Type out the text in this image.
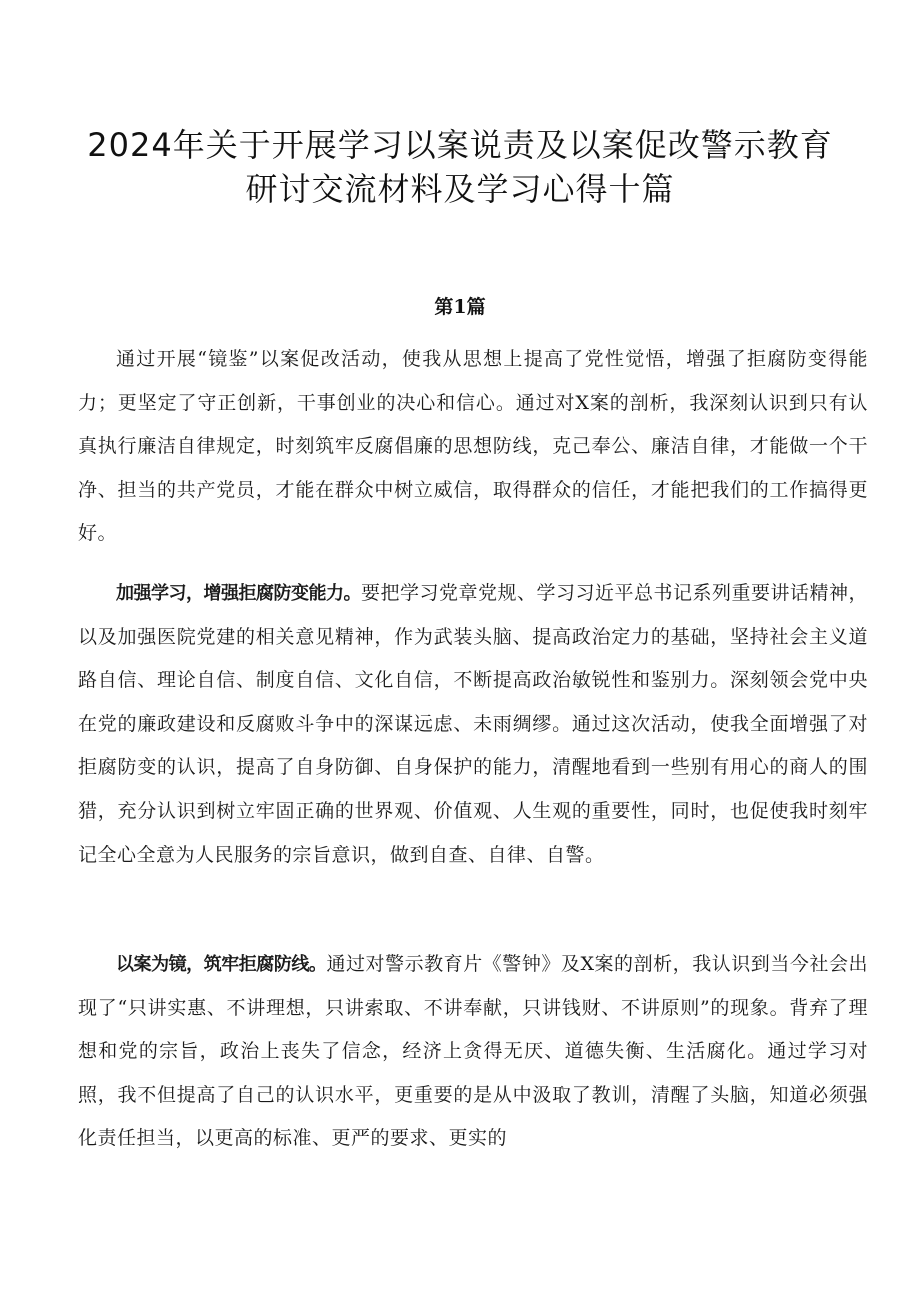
2024年关于开展学习以案说责及以案促改警示教育
研讨交流材料及学习心得十篇
第1篇

通过开展“镜鉴”以案促改活动，使我从思想上提高了党性觉悟，增强了拒腐防变得能力；更坚定了守正创新，干事创业的决心和信心。通过对X案的剖析，我深刻认识到只有认真执行廉洁自律规定，时刻筑牢反腐倡廉的思想防线，克己奉公、廉洁自律，才能做一个干净、担当的共产党员，才能在群众中树立威信，取得群众的信任，才能把我们的工作搞得更好。

加强学习，增强拒腐防变能力。要把学习党章党规、学习习近平总书记系列重要讲话精神，以及加强医院党建的相关意见精神，作为武装头脑、提高政治定力的基础，坚持社会主义道路自信、理论自信、制度自信、文化自信，不断提高政治敏锐性和鉴别力。深刻领会党中央在党的廉政建设和反腐败斗争中的深谋远虑、未雨绸缪。通过这次活动，使我全面增强了对拒腐防变的认识，提高了自身防御、自身保护的能力，清醒地看到一些别有用心的商人的围猎，充分认识到树立牢固正确的世界观、价值观、人生观的重要性，同时，也促使我时刻牢记全心全意为人民服务的宗旨意识，做到自查、自律、自警。

以案为镜，筑牢拒腐防线。通过对警示教育片《警钟》及X案的剖析，我认识到当今社会出现了“只讲实惠、不讲理想，只讲索取、不讲奉献，只讲钱财、不讲原则”的现象。背弃了理想和党的宗旨，政治上丧失了信念，经济上贪得无厌、道德失衡、生活腐化。通过学习对照，我不但提高了自己的认识水平，更重要的是从中汲取了教训，清醒了头脑，知道必须强化责任担当，以更高的标准、更严的要求、更实的
